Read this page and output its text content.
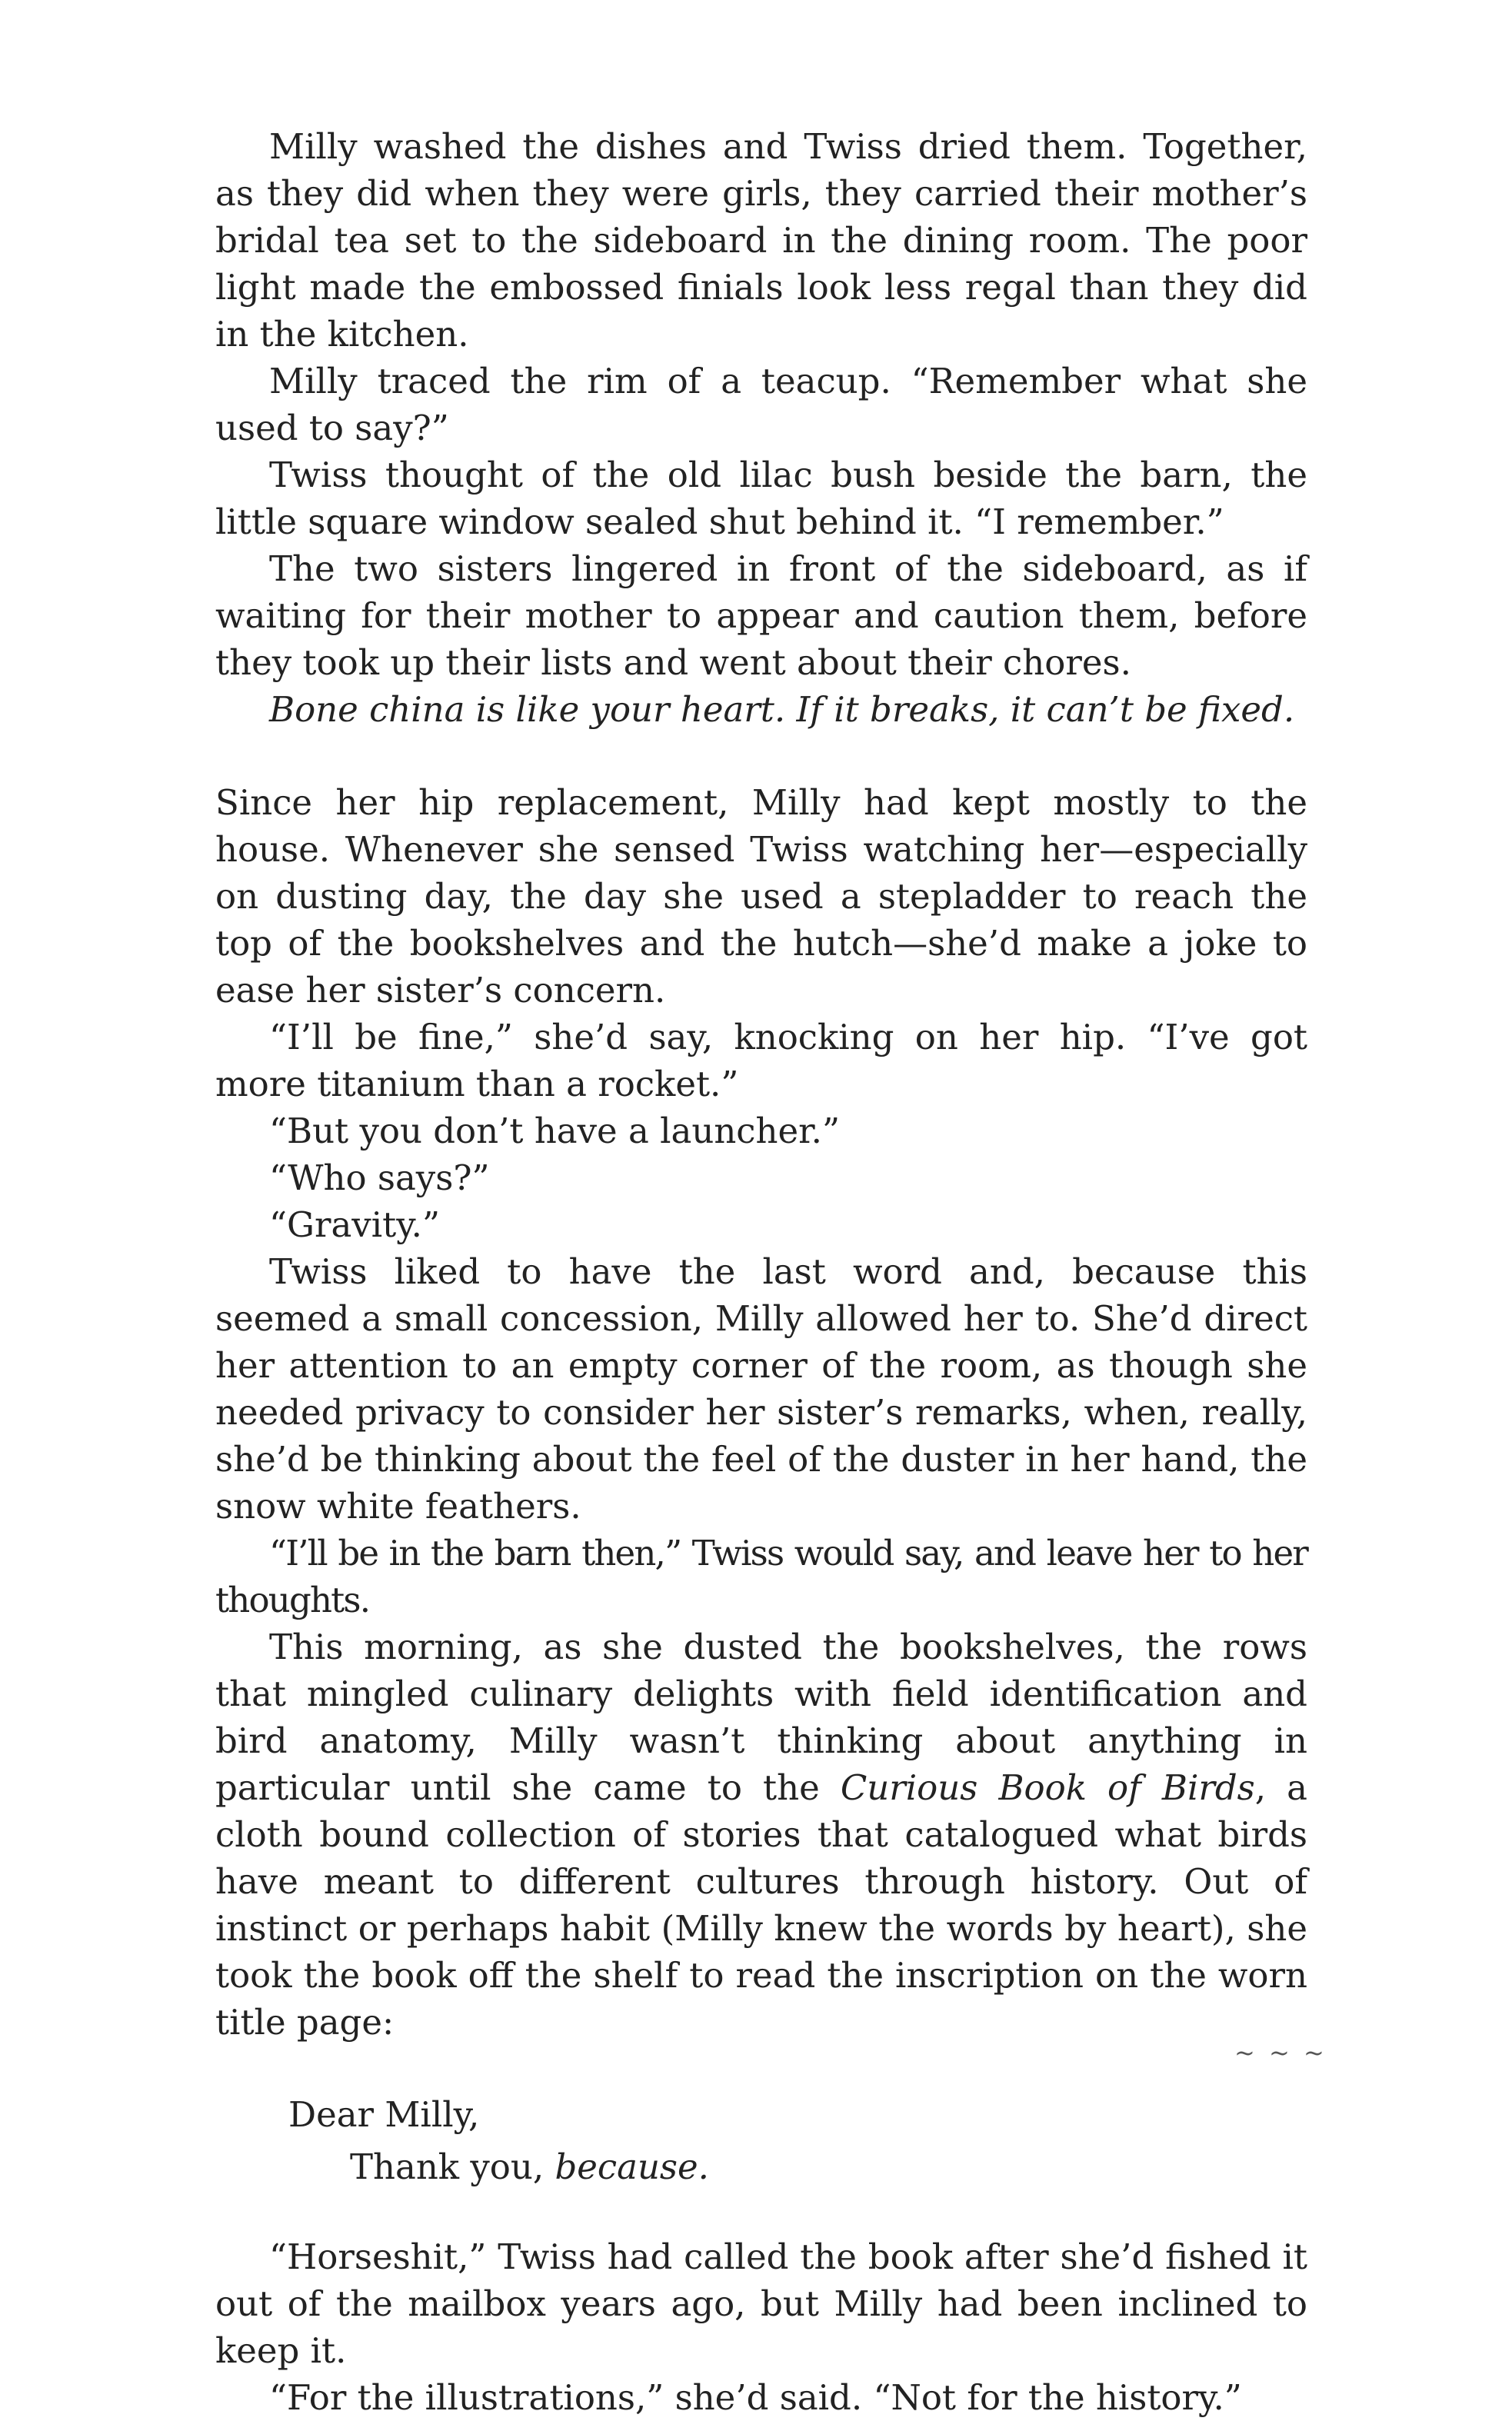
Milly washed the dishes and Twiss dried them. Together, as they did when they were girls, they carried their mother’s bridal tea set to the sideboard in the dining room. The poor light made the embossed finials look less regal than they did in the kitchen.

Milly traced the rim of a teacup. “Remember what she used to say?”

Twiss thought of the old lilac bush beside the barn, the little square window sealed shut behind it. “I remember.”

The two sisters lingered in front of the sideboard, as if waiting for their mother to appear and caution them, before they took up their lists and went about their chores.

Bone china is like your heart. If it breaks, it can’t be fixed.

Since her hip replacement, Milly had kept mostly to the house. Whenever she sensed Twiss watching her—especially on dusting day, the day she used a stepladder to reach the top of the bookshelves and the hutch—she’d make a joke to ease her sister’s concern.

“I’ll be fine,” she’d say, knocking on her hip. “I’ve got more titanium than a rocket.”

“But you don’t have a launcher.”

“Who says?”

“Gravity.”

Twiss liked to have the last word and, because this seemed a small concession, Milly allowed her to. She’d direct her attention to an empty corner of the room, as though she needed privacy to consider her sister’s remarks, when, really, she’d be thinking about the feel of the duster in her hand, the snow white feathers.

“I’ll be in the barn then,” Twiss would say, and leave her to her thoughts.

This morning, as she dusted the bookshelves, the rows that mingled culinary delights with field identification and bird anatomy, Milly wasn’t thinking about anything in particular until she came to the Curious Book of Birds, a cloth bound collection of stories that catalogued what birds have meant to different cultures through history. Out of instinct or perhaps habit (Milly knew the words by heart), she took the book off the shelf to read the inscription on the worn title page:

Dear Milly,
Thank you, because.

“Horseshit,” Twiss had called the book after she’d fished it out of the mailbox years ago, but Milly had been inclined to keep it.

“For the illustrations,” she’d said. “Not for the history.”

~ ~ ~
